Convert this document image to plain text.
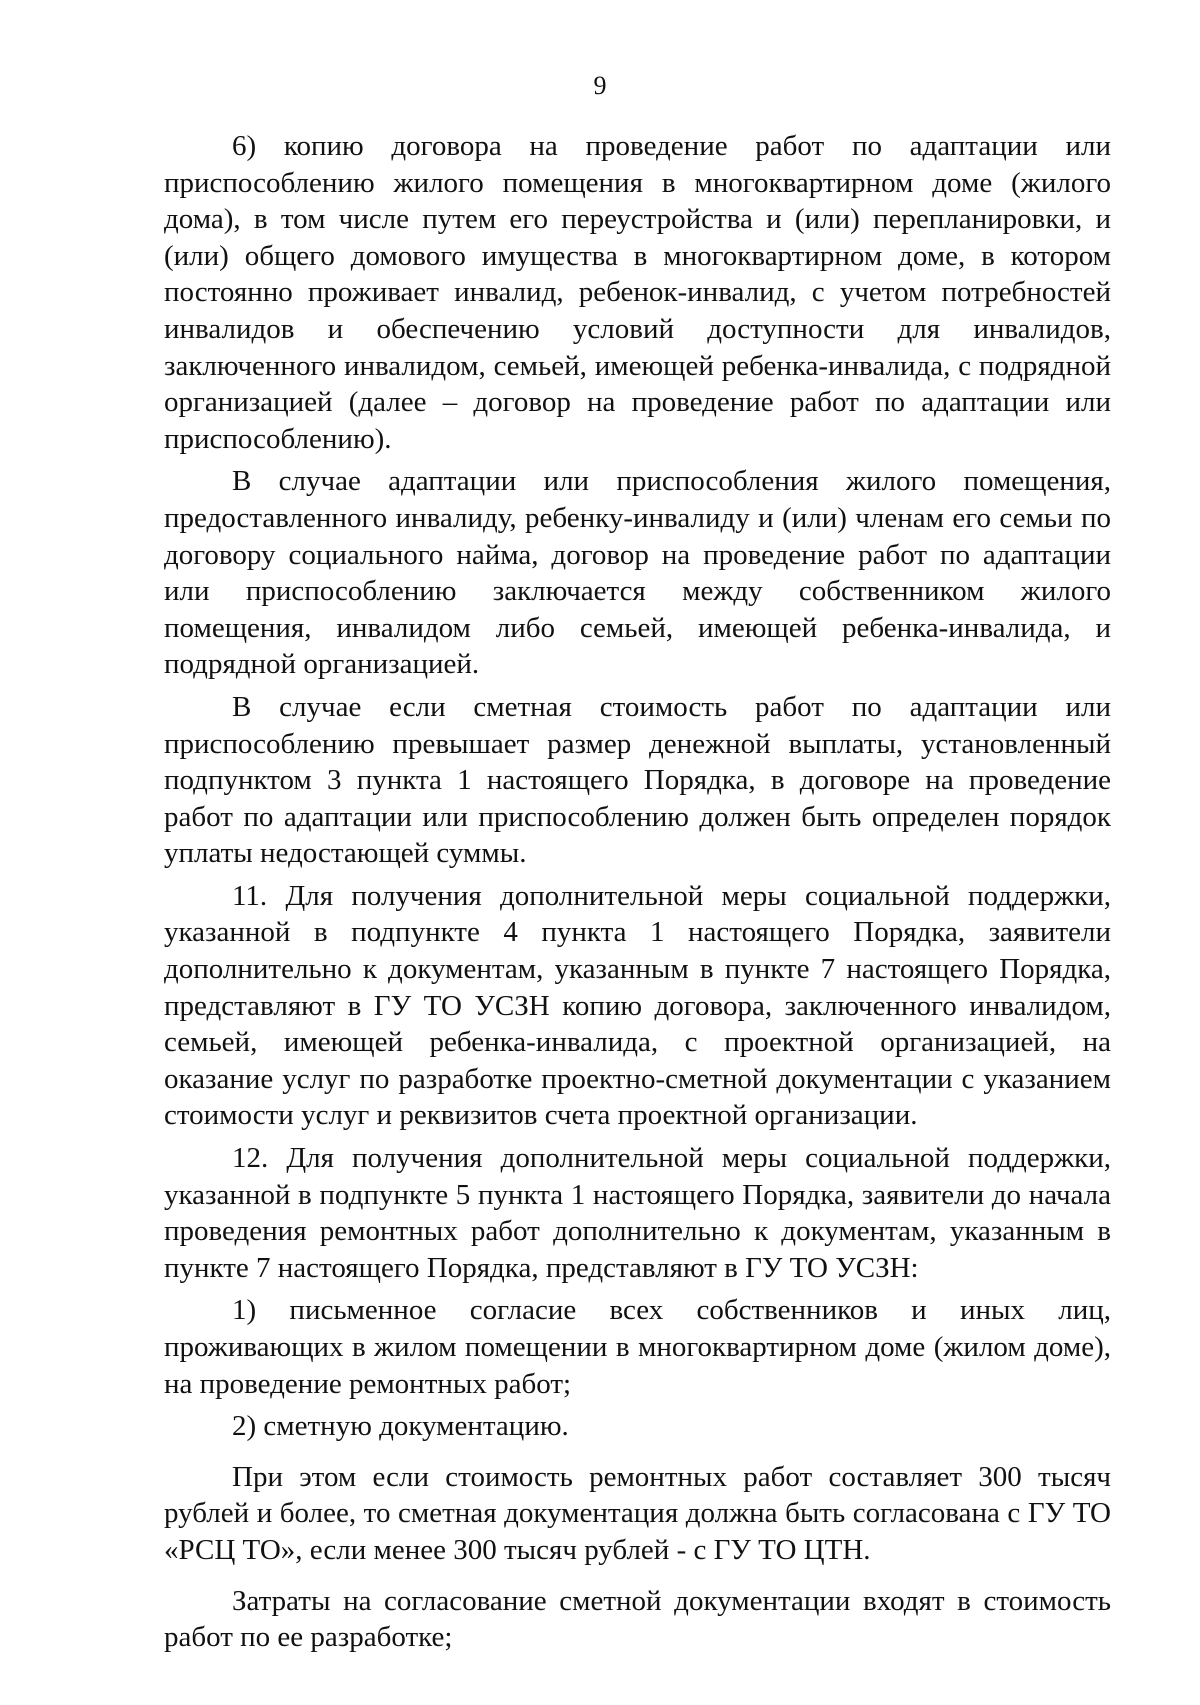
9

6) копию договора на проведение работ по адаптации или приспособлению жилого помещения в многоквартирном доме (жилого дома), в том числе путем его переустройства и (или) перепланировки, и (или) общего домового имущества в многоквартирном доме, в котором постоянно проживает инвалид, ребенок-инвалид, с учетом потребностей инвалидов и обеспечению условий доступности для инвалидов, заключенного инвалидом, семьей, имеющей ребенка-инвалида, с подрядной организацией (далее – договор на проведение работ по адаптации или приспособлению).

В случае адаптации или приспособления жилого помещения, предоставленного инвалиду, ребенку-инвалиду и (или) членам его семьи по договору социального найма, договор на проведение работ по адаптации или приспособлению заключается между собственником жилого помещения, инвалидом либо семьей, имеющей ребенка-инвалида, и подрядной организацией.

В случае если сметная стоимость работ по адаптации или приспособлению превышает размер денежной выплаты, установленный подпунктом 3 пункта 1 настоящего Порядка, в договоре на проведение работ по адаптации или приспособлению должен быть определен порядок уплаты недостающей суммы.

11. Для получения дополнительной меры социальной поддержки, указанной в подпункте 4 пункта 1 настоящего Порядка, заявители дополнительно к документам, указанным в пункте 7 настоящего Порядка, представляют в ГУ ТО УСЗН копию договора, заключенного инвалидом, семьей, имеющей ребенка-инвалида, с проектной организацией, на оказание услуг по разработке проектно-сметной документации с указанием стоимости услуг и реквизитов счета проектной организации.

12. Для получения дополнительной меры социальной поддержки, указанной в подпункте 5 пункта 1 настоящего Порядка, заявители до начала проведения ремонтных работ дополнительно к документам, указанным в пункте 7 настоящего Порядка, представляют в ГУ ТО УСЗН:

1) письменное согласие всех собственников и иных лиц, проживающих в жилом помещении в многоквартирном доме (жилом доме), на проведение ремонтных работ;

2) сметную документацию.

При этом если стоимость ремонтных работ составляет 300 тысяч рублей и более, то сметная документация должна быть согласована с ГУ ТО «РСЦ ТО», если менее 300 тысяч рублей - с ГУ ТО ЦТН.

Затраты на согласование сметной документации входят в стоимость работ по ее разработке;
